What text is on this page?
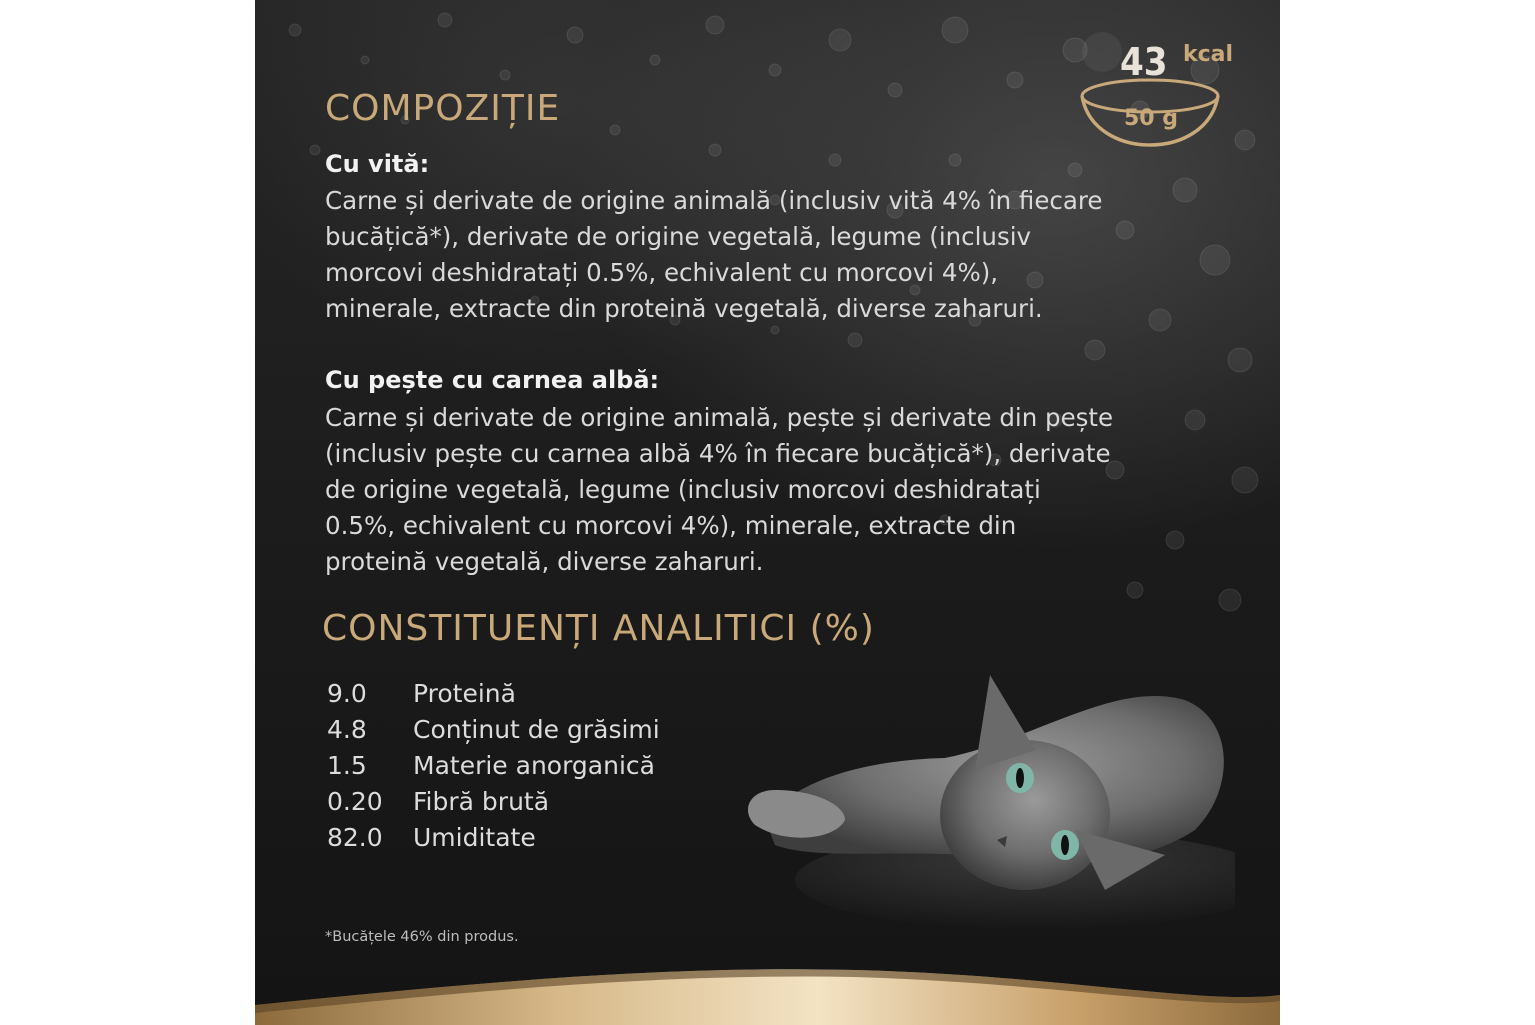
43 kcal
50 g
COMPOZIȚIE
Cu vită:

Carne și derivate de origine animală (inclusiv vită 4% în fiecare
bucățică*), derivate de origine vegetală, legume (inclusiv
morcovi deshidratați 0.5%, echivalent cu morcovi 4%),
minerale, extracte din proteină vegetală, diverse zaharuri.

Cu pește cu carnea albă:

Carne și derivate de origine animală, pește și derivate din pește
(inclusiv pește cu carnea albă 4% în fiecare bucățică*), derivate
de origine vegetală, legume (inclusiv morcovi deshidratați
0.5%, echivalent cu morcovi 4%), minerale, extracte din
proteină vegetală, diverse zaharuri.

CONSTITUENȚI ANALITICI (%)
9.0	Proteină
4.8	Conținut de grăsimi
1.5	Materie anorganică
0.20	Fibră brută
82.0	Umiditate

*Bucățele 46% din produs.
